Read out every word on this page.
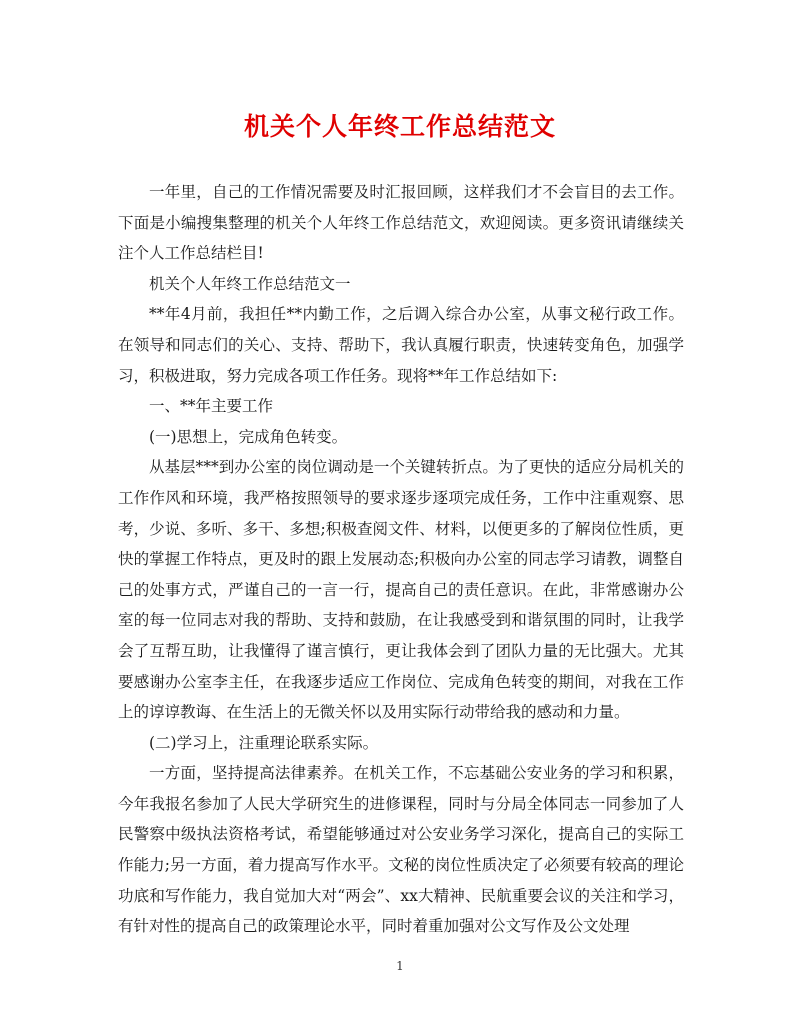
机关个人年终工作总结范文

一年里，自己的工作情况需要及时汇报回顾，这样我们才不会盲目的去工作。下面是小编搜集整理的机关个人年终工作总结范文，欢迎阅读。更多资讯请继续关注个人工作总结栏目!

机关个人年终工作总结范文一

**年4月前，我担任**内勤工作，之后调入综合办公室，从事文秘行政工作。在领导和同志们的关心、支持、帮助下，我认真履行职责，快速转变角色，加强学习，积极进取，努力完成各项工作任务。现将**年工作总结如下:

一、**年主要工作

(一)思想上，完成角色转变。

从基层***到办公室的岗位调动是一个关键转折点。为了更快的适应分局机关的工作作风和环境，我严格按照领导的要求逐步逐项完成任务，工作中注重观察、思考，少说、多听、多干、多想;积极查阅文件、材料，以便更多的了解岗位性质，更快的掌握工作特点，更及时的跟上发展动态;积极向办公室的同志学习请教，调整自己的处事方式，严谨自己的一言一行，提高自己的责任意识。在此，非常感谢办公室的每一位同志对我的帮助、支持和鼓励，在让我感受到和谐氛围的同时，让我学会了互帮互助，让我懂得了谨言慎行，更让我体会到了团队力量的无比强大。尤其要感谢办公室李主任，在我逐步适应工作岗位、完成角色转变的期间，对我在工作上的谆谆教诲、在生活上的无微关怀以及用实际行动带给我的感动和力量。

(二)学习上，注重理论联系实际。

一方面，坚持提高法律素养。在机关工作，不忘基础公安业务的学习和积累，今年我报名参加了人民大学研究生的进修课程，同时与分局全体同志一同参加了人民警察中级执法资格考试，希望能够通过对公安业务学习深化，提高自己的实际工作能力;另一方面，着力提高写作水平。文秘的岗位性质决定了必须要有较高的理论功底和写作能力，我自觉加大对“两会”、xx大精神、民航重要会议的关注和学习，有针对性的提高自己的政策理论水平，同时着重加强对公文写作及公文处理

1
